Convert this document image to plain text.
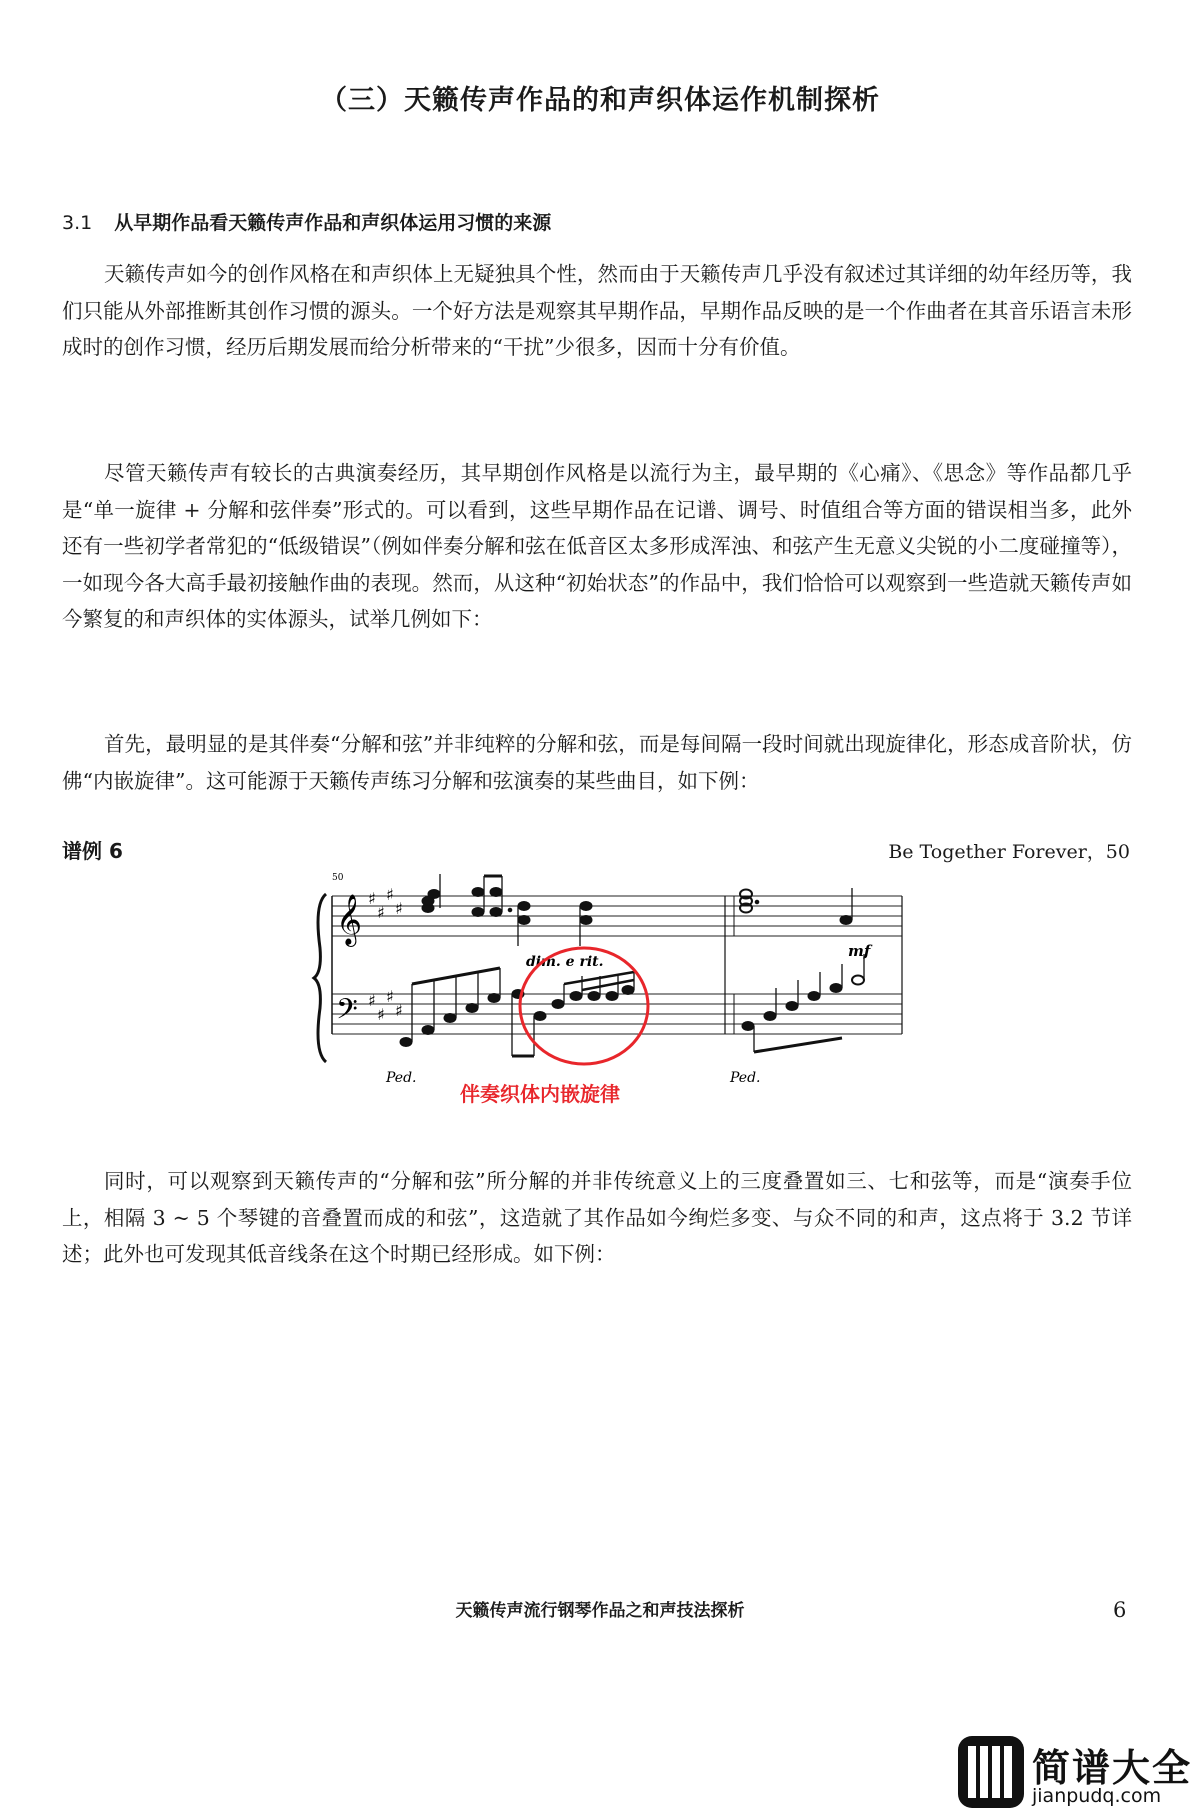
（三）天籁传声作品的和声织体运作机制探析
3.1 从早期作品看天籁传声作品和声织体运用习惯的来源

天籁传声如今的创作风格在和声织体上无疑独具个性，然而由于天籁传声几乎没有叙述过其详细的幼年经历等，我们只能从外部推断其创作习惯的源头。一个好方法是观察其早期作品，早期作品反映的是一个作曲者在其音乐语言未形成时的创作习惯，经历后期发展而给分析带来的“干扰”少很多，因而十分有价值。

尽管天籁传声有较长的古典演奏经历，其早期创作风格是以流行为主，最早期的《心痛》、《思念》等作品都几乎是“单一旋律 + 分解和弦伴奏”形式的。可以看到，这些早期作品在记谱、调号、时值组合等方面的错误相当多，此外还有一些初学者常犯的“低级错误”（例如伴奏分解和弦在低音区太多形成浑浊、和弦产生无意义尖锐的小二度碰撞等），一如现今各大高手最初接触作曲的表现。然而，从这种“初始状态”的作品中，我们恰恰可以观察到一些造就天籁传声如今繁复的和声织体的实体源头，试举几例如下：

首先，最明显的是其伴奏“分解和弦”并非纯粹的分解和弦，而是每间隔一段时间就出现旋律化，形态成音阶状，仿佛“内嵌旋律”。这可能源于天籁传声练习分解和弦演奏的某些曲目，如下例：

谱例 6	Be Together Forever，50
50
𝄞
𝄢
♯
♯
♯
♯
♯
♯
♯
♯
dim. e rit.
mf
Ped.	Ped.
伴奏织体内嵌旋律

同时，可以观察到天籁传声的“分解和弦”所分解的并非传统意义上的三度叠置如三、七和弦等，而是“演奏手位上，相隔 3 ~ 5 个琴键的音叠置而成的和弦”，这造就了其作品如今绚烂多变、与众不同的和声，这点将于 3.2 节详述；此外也可发现其低音线条在这个时期已经形成。如下例：

天籁传声流行钢琴作品之和声技法探析	6
简谱大全
jianpudq.com
